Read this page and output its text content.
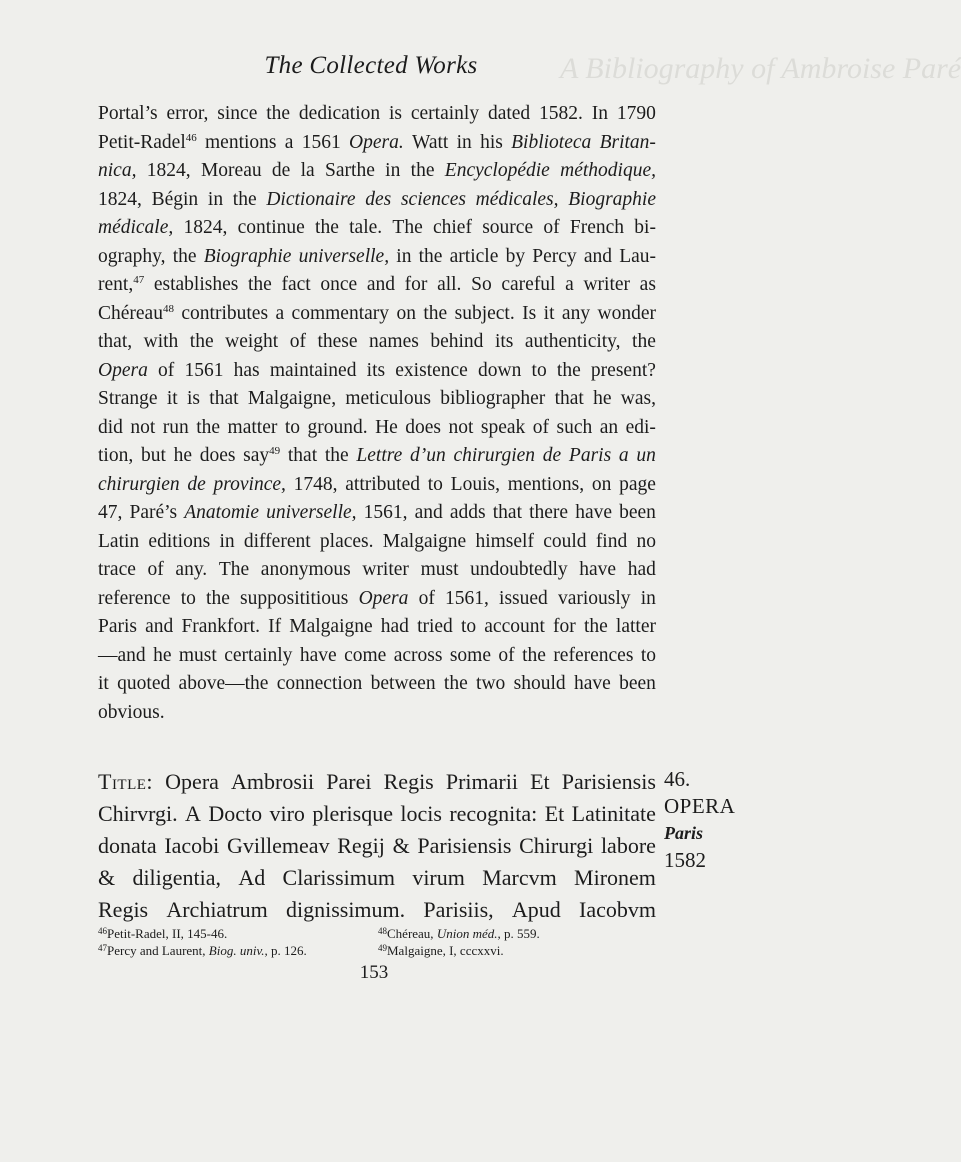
A Bibliography of Ambroise Paré
The Collected Works
Portal’s error, since the dedication is certainly dated 1582. In 1790
Petit-Radel$^{46}$ mentions a 1561 Opera. Watt in his Biblioteca Britan-
nica, 1824, Moreau de la Sarthe in the Encyclopédie méthodique,
1824, Bégin in the Dictionaire des sciences médicales, Biographie
médicale, 1824, continue the tale. The chief source of French bi-
ography, the Biographie universelle, in the article by Percy and Lau-
rent,$^{47}$ establishes the fact once and for all. So careful a writer as
Chéreau$^{48}$ contributes a commentary on the subject. Is it any wonder
that, with the weight of these names behind its authenticity, the
Opera of 1561 has maintained its existence down to the present?
Strange it is that Malgaigne, meticulous bibliographer that he was,
did not run the matter to ground. He does not speak of such an edi-
tion, but he does say$^{49}$ that the Lettre d’un chirurgien de Paris a un
chirurgien de province, 1748, attributed to Louis, mentions, on page
47, Paré’s Anatomie universelle, 1561, and adds that there have been
Latin editions in different places. Malgaigne himself could find no
trace of any. The anonymous writer must undoubtedly have had
reference to the supposititious Opera of 1561, issued variously in
Paris and Frankfort. If Malgaigne had tried to account for the latter
—and he must certainly have come across some of the references to
it quoted above—the connection between the two should have been
obvious.
Title: Opera Ambrosii Parei Regis Primarii Et Parisiensis
Chirvrgi. A Docto viro plerisque locis recognita: Et Latinitate
donata Iacobi Gvillemeav Regij & Parisiensis Chirurgi labore
& diligentia, Ad Clarissimum virum Marcvm Mironem
Regis Archiatrum dignissimum. Parisiis, Apud Iacobvm
46.
OPERA
Paris
1582
$^{46}$Petit-Radel, II, 145-46.	$^{48}$Chéreau, Union méd., p. 559.
$^{47}$Percy and Laurent, Biog. univ., p. 126.	$^{49}$Malgaigne, I, cccxxvi.
153
